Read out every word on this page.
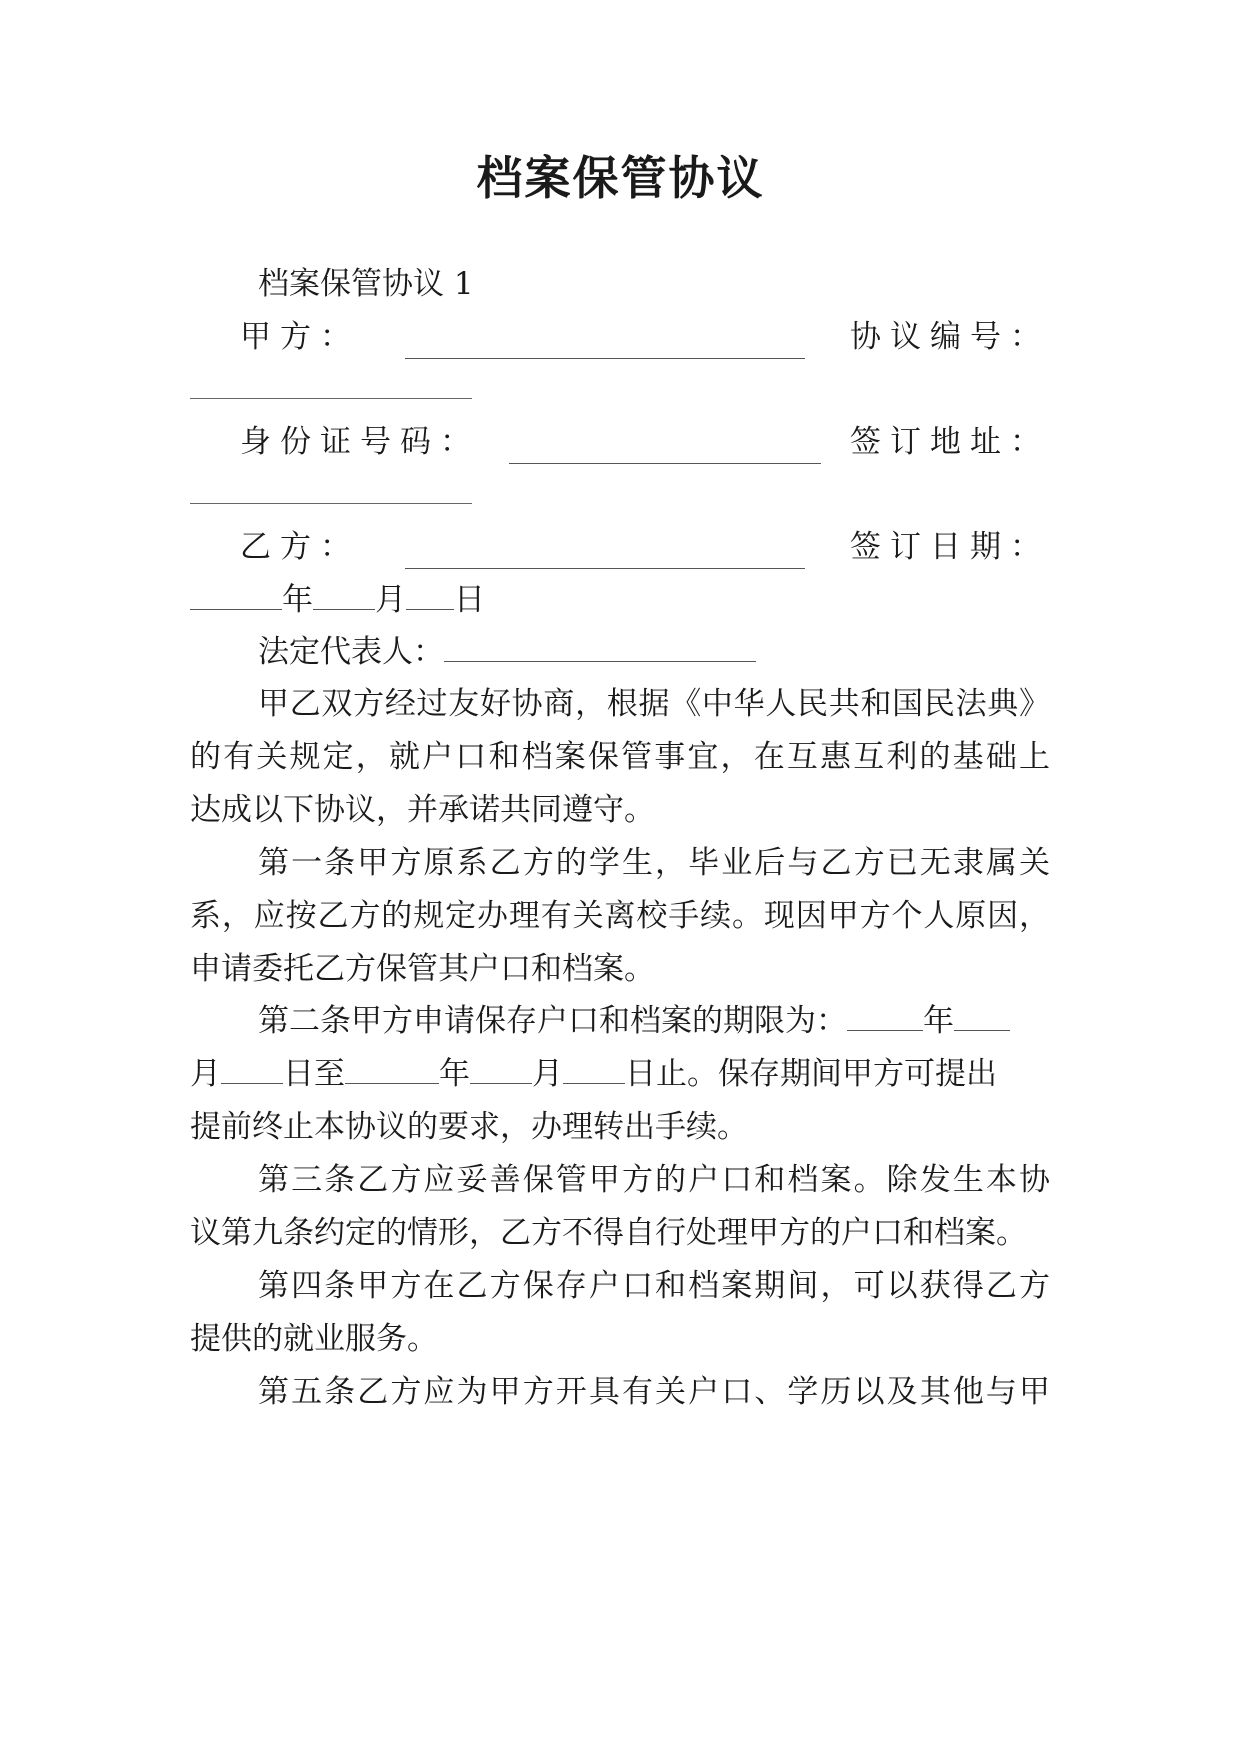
档案保管协议
档案保管协议 1
甲方：	协议编号：
身份证号码：	签订地址：
乙方：	签订日期：
年 月 日
法定代表人：
甲乙双方经过友好协商，根据《中华人民共和国民法典》
的有关规定，就户口和档案保管事宜，在互惠互利的基础上
达成以下协议，并承诺共同遵守。
第一条甲方原系乙方的学生，毕业后与乙方已无隶属关
系，应按乙方的规定办理有关离校手续。现因甲方个人原因，
申请委托乙方保管其户口和档案。
第二条甲方申请保存户口和档案的期限为： 年
月 日至	年 月 日止。保存期间甲方可提出
提前终止本协议的要求，办理转出手续。
第三条乙方应妥善保管甲方的户口和档案。除发生本协
议第九条约定的情形，乙方不得自行处理甲方的户口和档案。
第四条甲方在乙方保存户口和档案期间，可以获得乙方
提供的就业服务。
第五条乙方应为甲方开具有关户口、学历以及其他与甲
